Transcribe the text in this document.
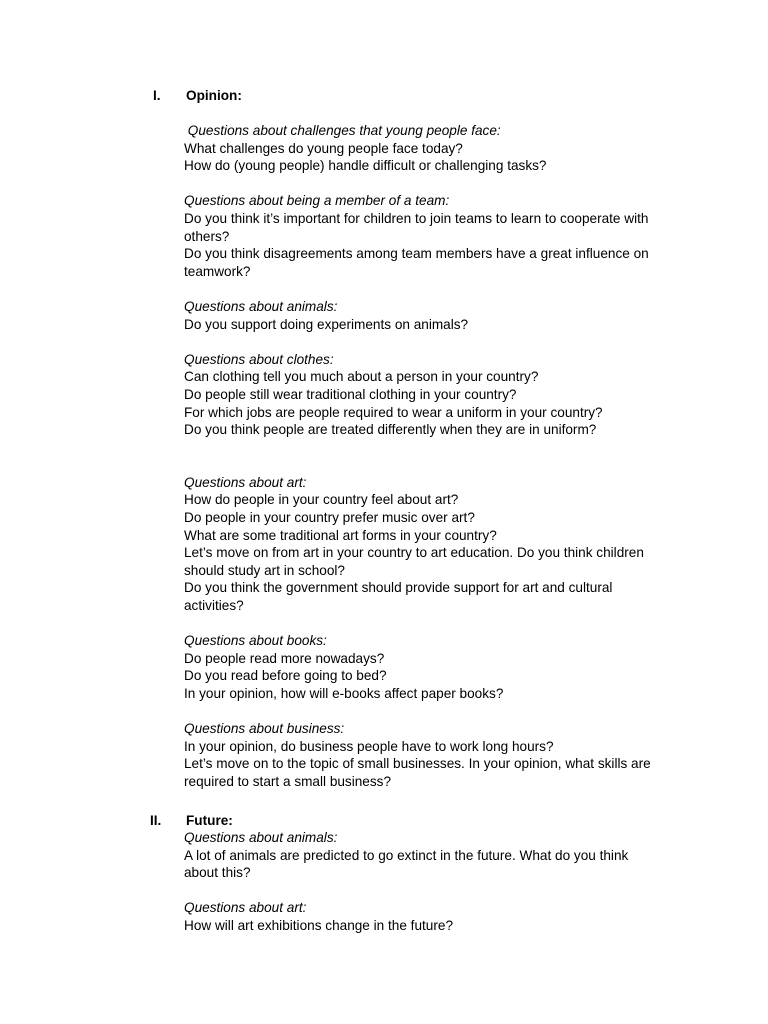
I. Opinion:
Questions about challenges that young people face:
What challenges do young people face today?
How do (young people) handle difficult or challenging tasks?
Questions about being a member of a team:
Do you think it’s important for children to join teams to learn to cooperate with
others?
Do you think disagreements among team members have a great influence on
teamwork?
Questions about animals:
Do you support doing experiments on animals?
Questions about clothes:
Can clothing tell you much about a person in your country?
Do people still wear traditional clothing in your country?
For which jobs are people required to wear a uniform in your country?
Do you think people are treated differently when they are in uniform?
Questions about art:
How do people in your country feel about art?
Do people in your country prefer music over art?
What are some traditional art forms in your country?
Let’s move on from art in your country to art education. Do you think children
should study art in school?
Do you think the government should provide support for art and cultural
activities?
Questions about books:
Do people read more nowadays?
Do you read before going to bed?
In your opinion, how will e-books affect paper books?
Questions about business:
In your opinion, do business people have to work long hours?
Let’s move on to the topic of small businesses. In your opinion, what skills are
required to start a small business?
II. Future:
Questions about animals:
A lot of animals are predicted to go extinct in the future. What do you think
about this?
Questions about art:
How will art exhibitions change in the future?
